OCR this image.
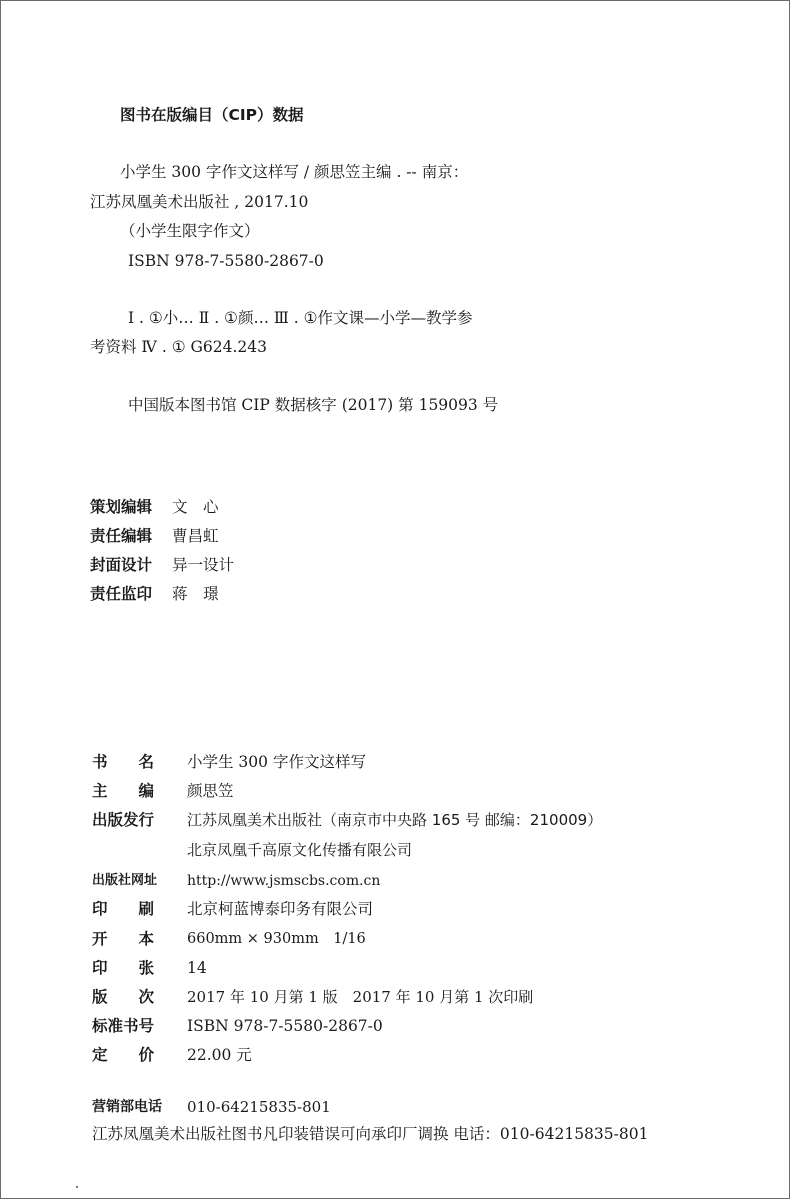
图书在版编目（CIP）数据
小学生 300 字作文这样写 / 颜思笠主编 . -- 南京：
江苏凤凰美术出版社 , 2017.10
（小学生限字作文）
ISBN 978-7-5580-2867-0
Ⅰ . ①小… Ⅱ . ①颜… Ⅲ . ①作文课—小学—教学参
考资料 Ⅳ . ① G624.243
中国版本图书馆 CIP 数据核字 (2017) 第 159093 号
策划编辑 文　心
责任编辑 曹昌虹
封面设计 异一设计
责任监印 蒋　璟
书　　名 小学生 300 字作文这样写
主　　编 颜思笠
出版发行 江苏凤凰美术出版社（南京市中央路 165 号 邮编：210009）
北京凤凰千高原文化传播有限公司
出版社网址 http://www.jsmscbs.com.cn
印　　刷 北京柯蓝博泰印务有限公司
开　　本 660mm × 930mm　1/16
印　　张 14
版　　次 2017 年 10 月第 1 版　2017 年 10 月第 1 次印刷
标准书号 ISBN 978-7-5580-2867-0
定　　价 22.00 元
营销部电话 010-64215835-801
江苏凤凰美术出版社图书凡印装错误可向承印厂调换 电话：010-64215835-801
